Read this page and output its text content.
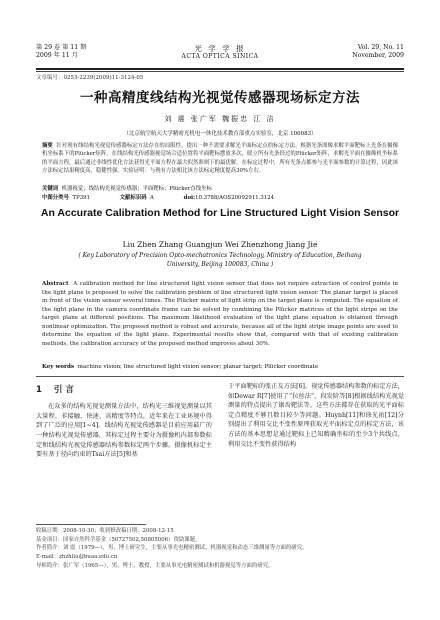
第 29 卷 第 11 期
2009 年 11 月
光 学 学 报
ACTA OPTICA SINICA
Vol. 29, No. 11
November, 2009
文章编号：0253-2239(2009)11-3124-05
一种高精度线结构光视觉传感器现场标定方法
刘 震 张广军 魏振忠 江 洁
（北京航空航天大学精密光机电一体化技术教育部重点实验室，北京 100083）
摘要 针对现有线结构光视觉传感器标定方法存在的局限性，提出一种不需要求解光平面标定点的标定方法。根据光条图像求解平面靶标上光条在摄像机坐标系下的Plücker矩阵，在线结构光传感器视觉场合适位置将平面靶标摆放多次，联立所有光条经过的Plücker矩阵，求解光平面在摄像机坐标系的平面方程，最后通过非线性优化方法获得光平面方程在最大似然准则下的最优解。在标定过程中，所有光条点都参与光平面参数的计算过程，因此该方法标定结果精度高、稳健性强。实验证明：与现有方法相比该方法标定精度提高30%左右。
关键词 机器视觉；线结构光视觉传感器；平面靶标；Plücker直线坐标
中图分类号 TP391	文献标识码 A	doi:10.3788/AOS20092911.3124
An Accurate Calibration Method for Line Structured Light Vision Sensor
Liu Zhen Zhang Guangjun Wei Zhenzhong Jiang Jie
( Key Laboratory of Precision Opto-mechatronics Technology, Ministry of Education, Beihang University, Beijing 100083, China )
Abstract A calibration method for line structured light vision sensor that does not require extraction of control points in the light plane is proposed to solve the calibration problem of line structured light vision sensor. The planar target is placed in front of the vision sensor several times. The Plücker matrix of light strip on the target plane is computed. The equation of the light plane in the camera coordinate frame can be solved by combining the Plücker matrices of the light stripe on the target plane at different positions. The maximum likelihood evaluation of the light plane equation is obtained through nonlinear optimization. The proposed method is robust and accurate, because all of the light stripe image points are used to determine the equation of the light plane. Experimental results show that, compared with that of existing calibration methods, the calibration accuracy of the proposed method improves about 30%.
Key words machine vision; line structured light vision sensor; planar target; Plücker coordinate
1 引 言

在众多的结构光视觉测量方法中，结构光三维视觉测量以其大量程、非接触、快速、高精度等特点，近年来在工业环境中得到了广泛的应用[1~4]。线结构光视觉传感器是目前应用最广的一种结构光视觉传感器，其标定过程主要分为摄像机内部参数标定和线结构光视觉传感器结构参数标定两个步骤。摄像机标定主要有基于径向约束的Tsai方法[5]和基

于平面靶标的张正友方法[6]。视觉传感器结构参数的标定方法，如Dewar R[7]使用了“拉丝法”，段发阶等[8]根据线结构光视觉测量的特点提出了锯齿靶法等。这些方法都存在获取的光平面标定点精度不够且数目较少等问题。Huynh[11]和徐光祐[12]分别提出了利用交比不变性原理获取光平面标定点的标定方法，该方法的基本思想是通过靶标上已知精确坐标的至少3个共线点，利用交比不变性获得结构

收稿日期：2008-10-30；收到修改稿日期：2008-12-15
基金项目：国家自然科学基金（50727502,50805006）资助课题。
作者简介：刘 震（1979—），男，博士研究生，主要从事光电精密测试、机器视觉和动态三维测量等方面的研究。
E-mail：zhzhliu@buaa.edu.cn
导师简介：张广军（1965—），男，博士，教授，主要从事光电精密测试和机器视觉等方面的研究。
